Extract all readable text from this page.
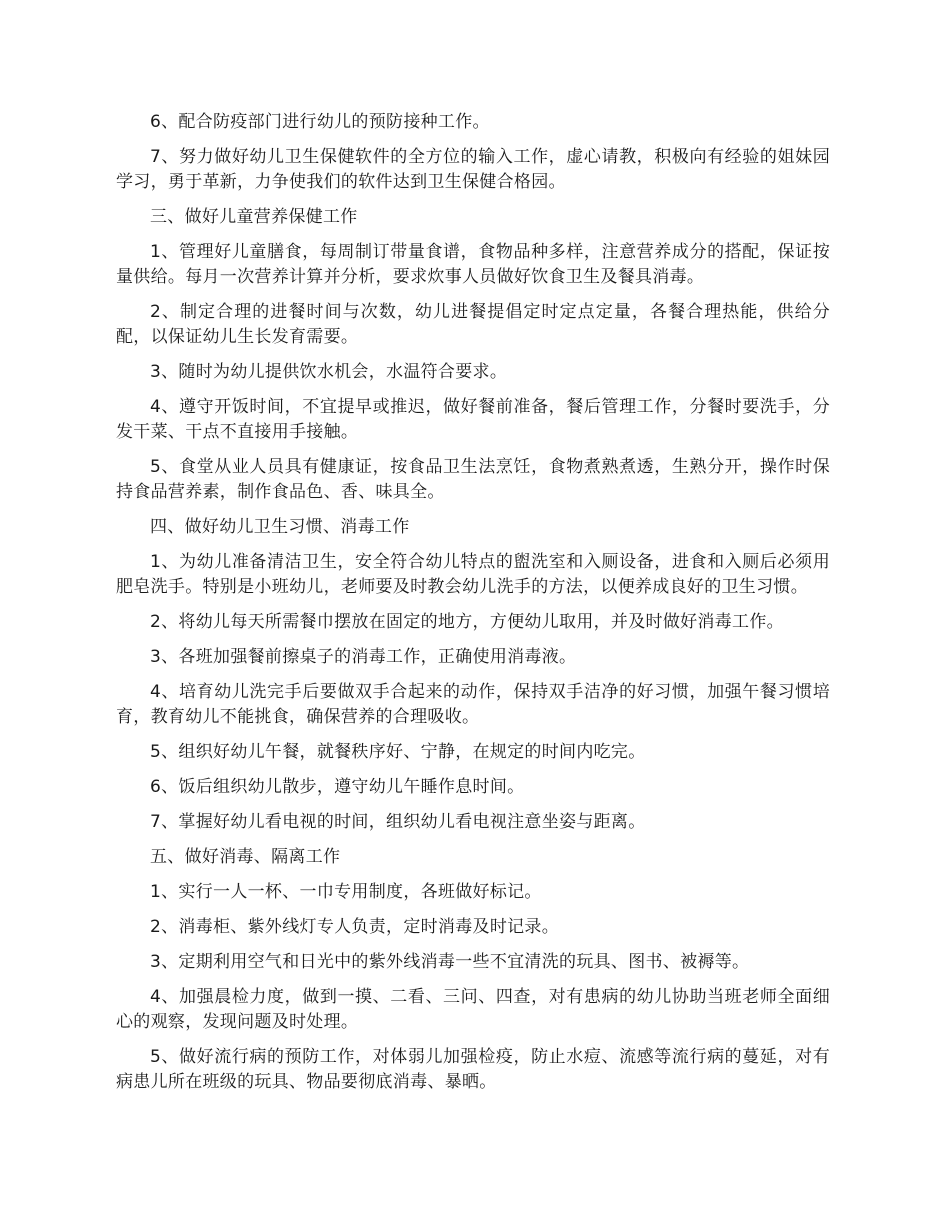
6、配合防疫部门进行幼儿的预防接种工作。

7、努力做好幼儿卫生保健软件的全方位的输入工作，虚心请教，积极向有经验的姐妹园学习，勇于革新，力争使我们的软件达到卫生保健合格园。

三、做好儿童营养保健工作

1、管理好儿童膳食，每周制订带量食谱，食物品种多样，注意营养成分的搭配，保证按量供给。每月一次营养计算并分析，要求炊事人员做好饮食卫生及餐具消毒。

2、制定合理的进餐时间与次数，幼儿进餐提倡定时定点定量，各餐合理热能，供给分配，以保证幼儿生长发育需要。

3、随时为幼儿提供饮水机会，水温符合要求。

4、遵守开饭时间，不宜提早或推迟，做好餐前准备，餐后管理工作，分餐时要洗手，分发干菜、干点不直接用手接触。

5、食堂从业人员具有健康证，按食品卫生法烹饪，食物煮熟煮透，生熟分开，操作时保持食品营养素，制作食品色、香、味具全。

四、做好幼儿卫生习惯、消毒工作

1、为幼儿准备清洁卫生，安全符合幼儿特点的盥洗室和入厕设备，进食和入厕后必须用肥皂洗手。特别是小班幼儿，老师要及时教会幼儿洗手的方法，以便养成良好的卫生习惯。

2、将幼儿每天所需餐巾摆放在固定的地方，方便幼儿取用，并及时做好消毒工作。

3、各班加强餐前擦桌子的消毒工作，正确使用消毒液。

4、培育幼儿洗完手后要做双手合起来的动作，保持双手洁净的好习惯，加强午餐习惯培育，教育幼儿不能挑食，确保营养的合理吸收。

5、组织好幼儿午餐，就餐秩序好、宁静，在规定的时间内吃完。

6、饭后组织幼儿散步，遵守幼儿午睡作息时间。

7、掌握好幼儿看电视的时间，组织幼儿看电视注意坐姿与距离。

五、做好消毒、隔离工作

1、实行一人一杯、一巾专用制度，各班做好标记。

2、消毒柜、紫外线灯专人负责，定时消毒及时记录。

3、定期利用空气和日光中的紫外线消毒一些不宜清洗的玩具、图书、被褥等。

4、加强晨检力度，做到一摸、二看、三问、四查，对有患病的幼儿协助当班老师全面细心的观察，发现问题及时处理。

5、做好流行病的预防工作，对体弱儿加强检疫，防止水痘、流感等流行病的蔓延，对有病患儿所在班级的玩具、物品要彻底消毒、暴晒。
